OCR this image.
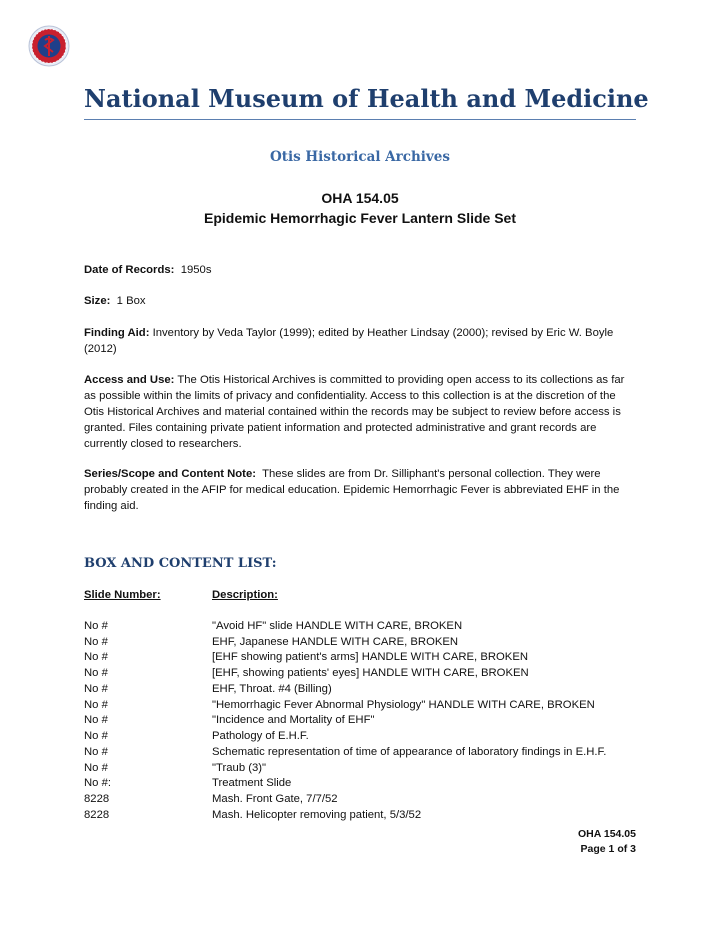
National Museum of Health and Medicine
Otis Historical Archives
OHA 154.05
Epidemic Hemorrhagic Fever Lantern Slide Set
Date of Records: 1950s
Size: 1 Box
Finding Aid: Inventory by Veda Taylor (1999); edited by Heather Lindsay (2000); revised by Eric W. Boyle (2012)
Access and Use: The Otis Historical Archives is committed to providing open access to its collections as far as possible within the limits of privacy and confidentiality. Access to this collection is at the discretion of the Otis Historical Archives and material contained within the records may be subject to review before access is granted. Files containing private patient information and protected administrative and grant records are currently closed to researchers.
Series/Scope and Content Note: These slides are from Dr. Silliphant's personal collection. They were probably created in the AFIP for medical education. Epidemic Hemorrhagic Fever is abbreviated EHF in the finding aid.
BOX AND CONTENT LIST:
Slide Number:	Description:
No #	"Avoid HF" slide HANDLE WITH CARE, BROKEN
No #	EHF, Japanese HANDLE WITH CARE, BROKEN
No #	[EHF showing patient's arms] HANDLE WITH CARE, BROKEN
No #	[EHF, showing patients' eyes] HANDLE WITH CARE, BROKEN
No #	EHF, Throat. #4 (Billing)
No #	"Hemorrhagic Fever Abnormal Physiology" HANDLE WITH CARE, BROKEN
No #	"Incidence and Mortality of EHF"
No #	Pathology of E.H.F.
No #	Schematic representation of time of appearance of laboratory findings in E.H.F.
No #	"Traub (3)"
No #:	Treatment Slide
8228	Mash. Front Gate, 7/7/52
8228	Mash. Helicopter removing patient, 5/3/52
OHA 154.05
Page 1 of 3
